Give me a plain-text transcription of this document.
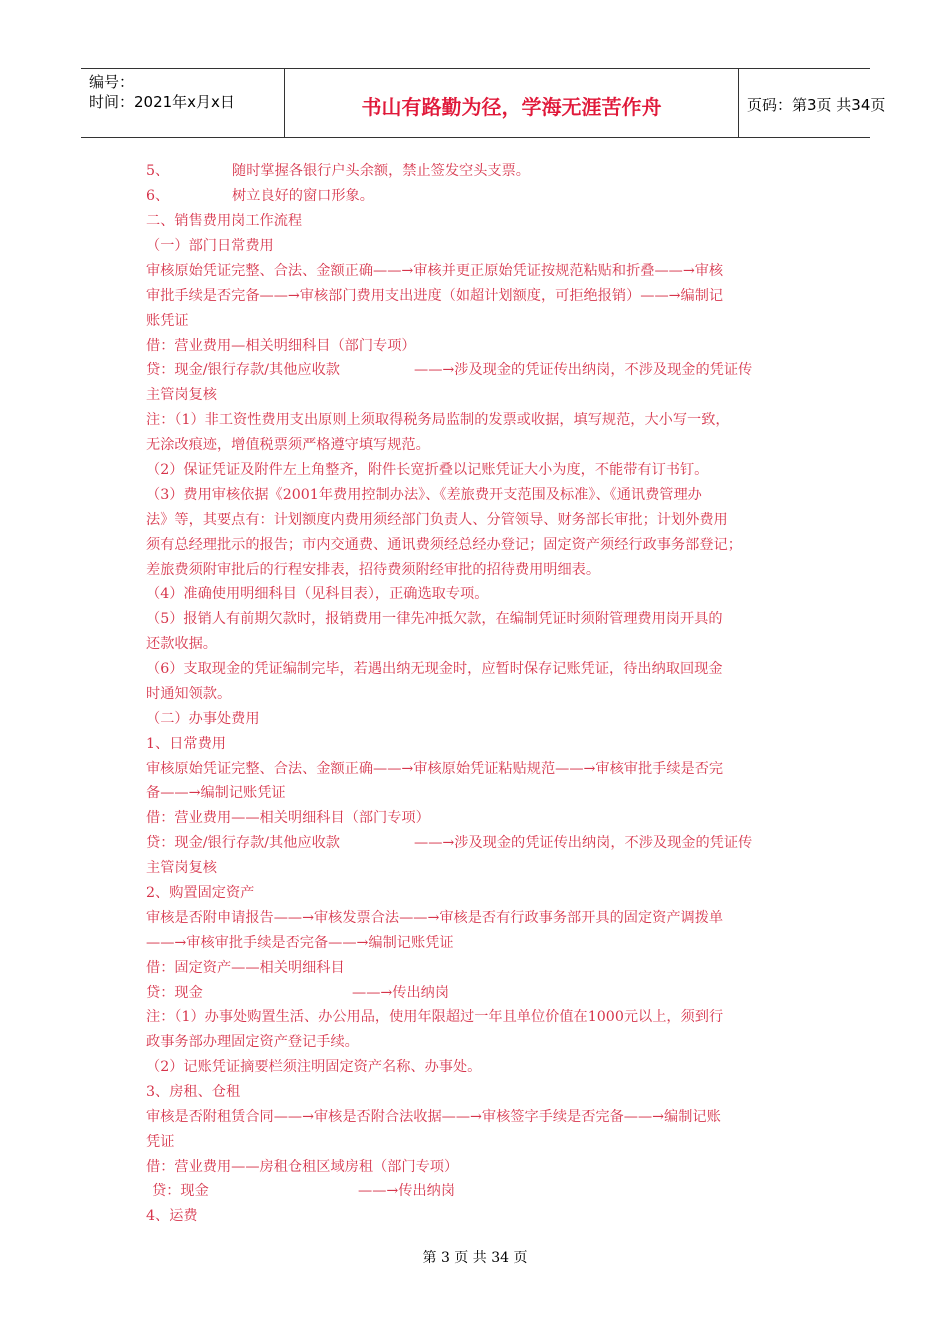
编号：
时间：2021年x月x日	书山有路勤为径，学海无涯苦作舟	页码：第3页 共34页
5、	随时掌握各银行户头余额，禁止签发空头支票。
6、	树立良好的窗口形象。
二、销售费用岗工作流程
（一）部门日常费用
审核原始凭证完整、合法、金额正确——→审核并更正原始凭证按规范粘贴和折叠——→审核
审批手续是否完备——→审核部门费用支出进度（如超计划额度，可拒绝报销）——→编制记
账凭证
借：营业费用—相关明细科目（部门专项）
贷：现金/银行存款/其他应收款	——→涉及现金的凭证传出纳岗，不涉及现金的凭证传
主管岗复核
注：（1）非工资性费用支出原则上须取得税务局监制的发票或收据，填写规范，大小写一致，
无涂改痕迹，增值税票须严格遵守填写规范。
（2）保证凭证及附件左上角整齐，附件长宽折叠以记账凭证大小为度，不能带有订书钉。
（3）费用审核依据《2001年费用控制办法》、《差旅费开支范围及标准》、《通讯费管理办
法》等，其要点有：计划额度内费用须经部门负责人、分管领导、财务部长审批；计划外费用
须有总经理批示的报告；市内交通费、通讯费须经总经办登记；固定资产须经行政事务部登记；
差旅费须附审批后的行程安排表，招待费须附经审批的招待费用明细表。
（4）准确使用明细科目（见科目表），正确选取专项。
（5）报销人有前期欠款时，报销费用一律先冲抵欠款，在编制凭证时须附管理费用岗开具的
还款收据。
（6）支取现金的凭证编制完毕，若遇出纳无现金时，应暂时保存记账凭证，待出纳取回现金
时通知领款。
（二）办事处费用
1、日常费用
审核原始凭证完整、合法、金额正确——→审核原始凭证粘贴规范——→审核审批手续是否完
备——→编制记账凭证
借：营业费用——相关明细科目（部门专项）
贷：现金/银行存款/其他应收款	——→涉及现金的凭证传出纳岗，不涉及现金的凭证传
主管岗复核
2、购置固定资产
审核是否附申请报告——→审核发票合法——→审核是否有行政事务部开具的固定资产调拨单
——→审核审批手续是否完备——→编制记账凭证
借：固定资产——相关明细科目
贷：现金	——→传出纳岗
注：（1）办事处购置生活、办公用品，使用年限超过一年且单位价值在1000元以上，须到行
政事务部办理固定资产登记手续。
（2）记账凭证摘要栏须注明固定资产名称、办事处。
3、房租、仓租
审核是否附租赁合同——→审核是否附合法收据——→审核签字手续是否完备——→编制记账
凭证
借：营业费用——房租仓租区域房租（部门专项）
贷：现金	——→传出纳岗
4、运费
第 3 页 共 34 页
